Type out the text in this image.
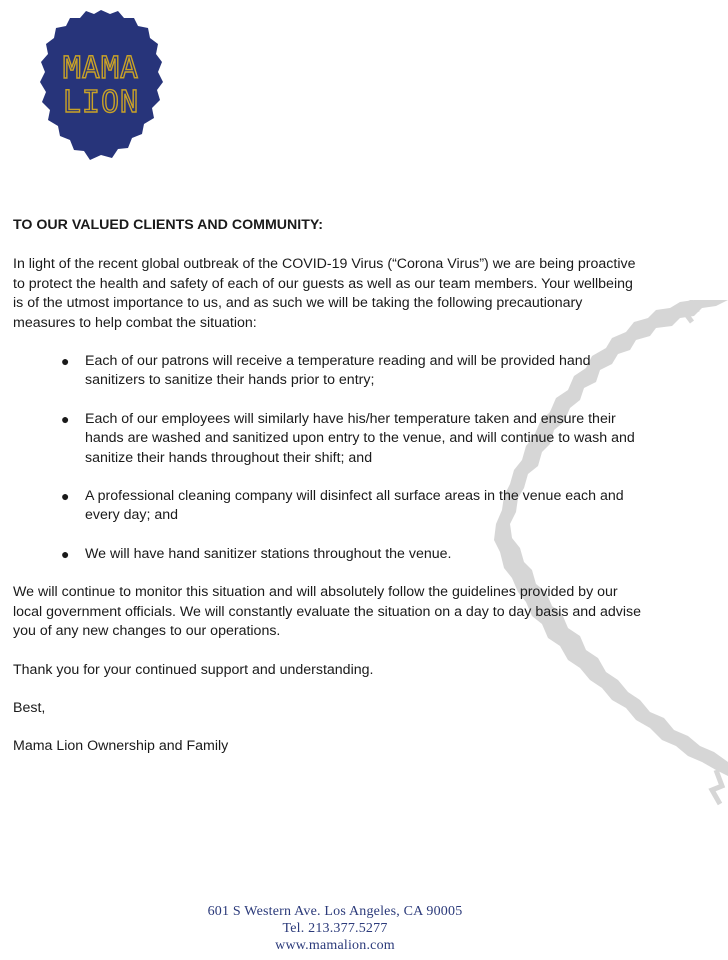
MAMA
LION

TO OUR VALUED CLIENTS AND COMMUNITY:

In light of the recent global outbreak of the COVID-19 Virus (“Corona Virus”) we are being proactive to protect the health and safety of each of our guests as well as our team members. Your wellbeing is of the utmost importance to us, and as such we will be taking the following precautionary measures to help combat the situation:

● Each of our patrons will receive a temperature reading and will be provided hand sanitizers to sanitize their hands prior to entry;
● Each of our employees will similarly have his/her temperature taken and ensure their hands are washed and sanitized upon entry to the venue, and will continue to wash and sanitize their hands throughout their shift; and
● A professional cleaning company will disinfect all surface areas in the venue each and every day; and
● We will have hand sanitizer stations throughout the venue.

We will continue to monitor this situation and will absolutely follow the guidelines provided by our local government officials. We will constantly evaluate the situation on a day to day basis and advise you of any new changes to our operations.

Thank you for your continued support and understanding.

Best,

Mama Lion Ownership and Family

601 S Western Ave. Los Angeles, CA 90005
Tel. 213.377.5277
www.mamalion.com
